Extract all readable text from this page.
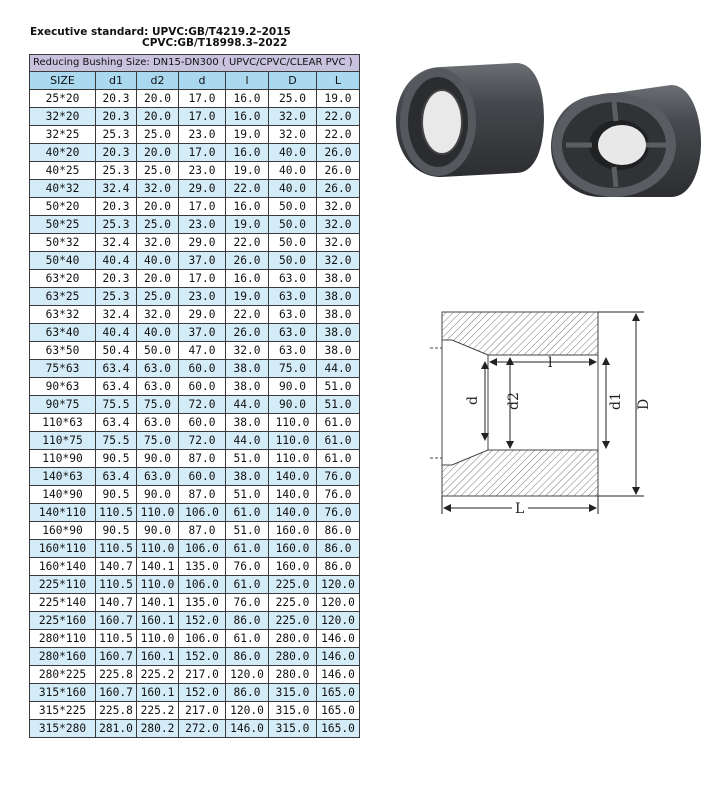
Executive standard: UPVC:GB/T4219.2–2015
CPVC:GB/T18998.3–2022
Reducing Bushing Size: DN15-DN300 ( UPVC/CPVC/CLEAR PVC )						
SIZE	d1	d2	d	l	D	L
25*20	20.3	20.0	17.0	16.0	25.0	19.0
32*20	20.3	20.0	17.0	16.0	32.0	22.0
32*25	25.3	25.0	23.0	19.0	32.0	22.0
40*20	20.3	20.0	17.0	16.0	40.0	26.0
40*25	25.3	25.0	23.0	19.0	40.0	26.0
40*32	32.4	32.0	29.0	22.0	40.0	26.0
50*20	20.3	20.0	17.0	16.0	50.0	32.0
50*25	25.3	25.0	23.0	19.0	50.0	32.0
50*32	32.4	32.0	29.0	22.0	50.0	32.0
50*40	40.4	40.0	37.0	26.0	50.0	32.0
63*20	20.3	20.0	17.0	16.0	63.0	38.0
63*25	25.3	25.0	23.0	19.0	63.0	38.0
63*32	32.4	32.0	29.0	22.0	63.0	38.0
63*40	40.4	40.0	37.0	26.0	63.0	38.0
63*50	50.4	50.0	47.0	32.0	63.0	38.0
75*63	63.4	63.0	60.0	38.0	75.0	44.0
90*63	63.4	63.0	60.0	38.0	90.0	51.0
90*75	75.5	75.0	72.0	44.0	90.0	51.0
110*63	63.4	63.0	60.0	38.0	110.0	61.0
110*75	75.5	75.0	72.0	44.0	110.0	61.0
110*90	90.5	90.0	87.0	51.0	110.0	61.0
140*63	63.4	63.0	60.0	38.0	140.0	76.0
140*90	90.5	90.0	87.0	51.0	140.0	76.0
140*110	110.5	110.0	106.0	61.0	140.0	76.0
160*90	90.5	90.0	87.0	51.0	160.0	86.0
160*110	110.5	110.0	106.0	61.0	160.0	86.0
160*140	140.7	140.1	135.0	76.0	160.0	86.0
225*110	110.5	110.0	106.0	61.0	225.0	120.0
225*140	140.7	140.1	135.0	76.0	225.0	120.0
225*160	160.7	160.1	152.0	86.0	225.0	120.0
280*110	110.5	110.0	106.0	61.0	280.0	146.0
280*160	160.7	160.1	152.0	86.0	280.0	146.0
280*225	225.8	225.2	217.0	120.0	280.0	146.0
315*160	160.7	160.1	152.0	86.0	315.0	165.0
315*225	225.8	225.2	217.0	120.0	315.0	165.0
315*280	281.0	280.2	272.0	146.0	315.0	165.0
l
d d2	d1 D
L
